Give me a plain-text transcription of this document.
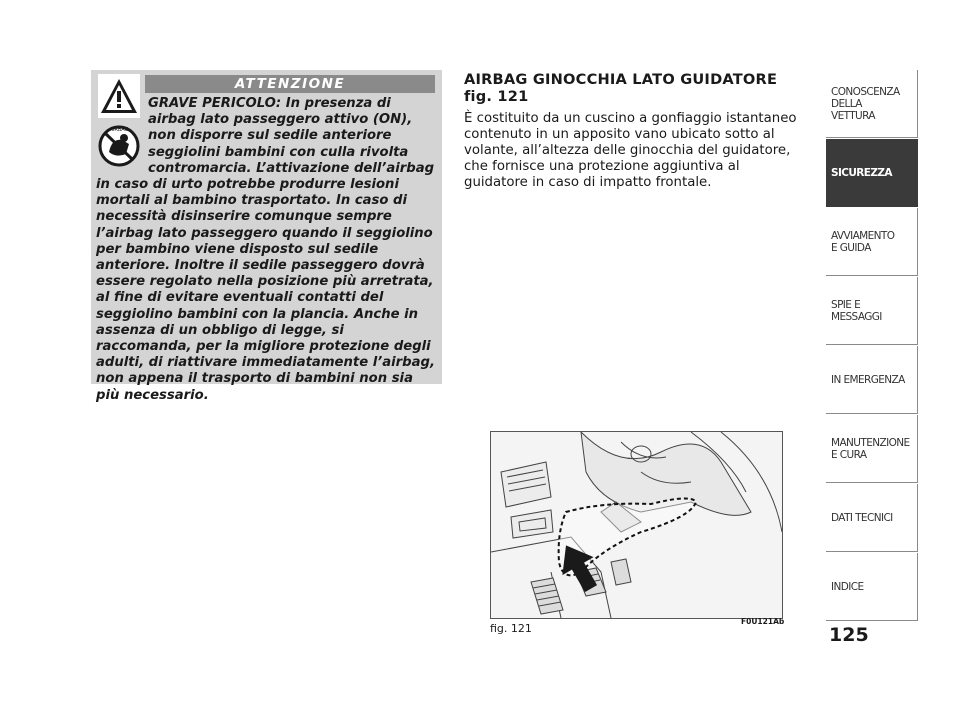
ATTENZIONE
AIRBAG

GRAVE PERICOLO: In presenza di airbag lato passeggero attivo (ON), non disporre sul sedile anteriore seggiolini bambini con culla rivolta contromarcia. L’attivazione dell’airbag in caso di urto potrebbe produrre lesioni mortali al bambino trasportato. In caso di necessità disinserire comunque sempre l’airbag lato passeggero quando il seggiolino per bambino viene disposto sul sedile anteriore. Inoltre il sedile passeggero dovrà essere regolato nella posizione più arretrata, al fine di evitare eventuali contatti del seggiolino bambini con la plancia. Anche in assenza di un obbligo di legge, si raccomanda, per la migliore protezione degli adulti, di riattivare immediatamente l’airbag, non appena il trasporto di bambini non sia più necessario.

AIRBAG GINOCCHIA LATO GUIDATORE
fig. 121

È costituito da un cuscino a gonfiaggio istantaneo contenuto in un apposito vano ubicato sotto al volante, all’altezza delle ginocchia del guidatore, che fornisce una protezione aggiuntiva al guidatore in caso di impatto frontale.

fig. 121
F0U121Ab
CONOSCENZA
DELLA
VETTURA
SICUREZZA
AVVIAMENTO
E GUIDA
SPIE E
MESSAGGI
IN EMERGENZA
MANUTENZIONE
E CURA
DATI TECNICI
INDICE
125
